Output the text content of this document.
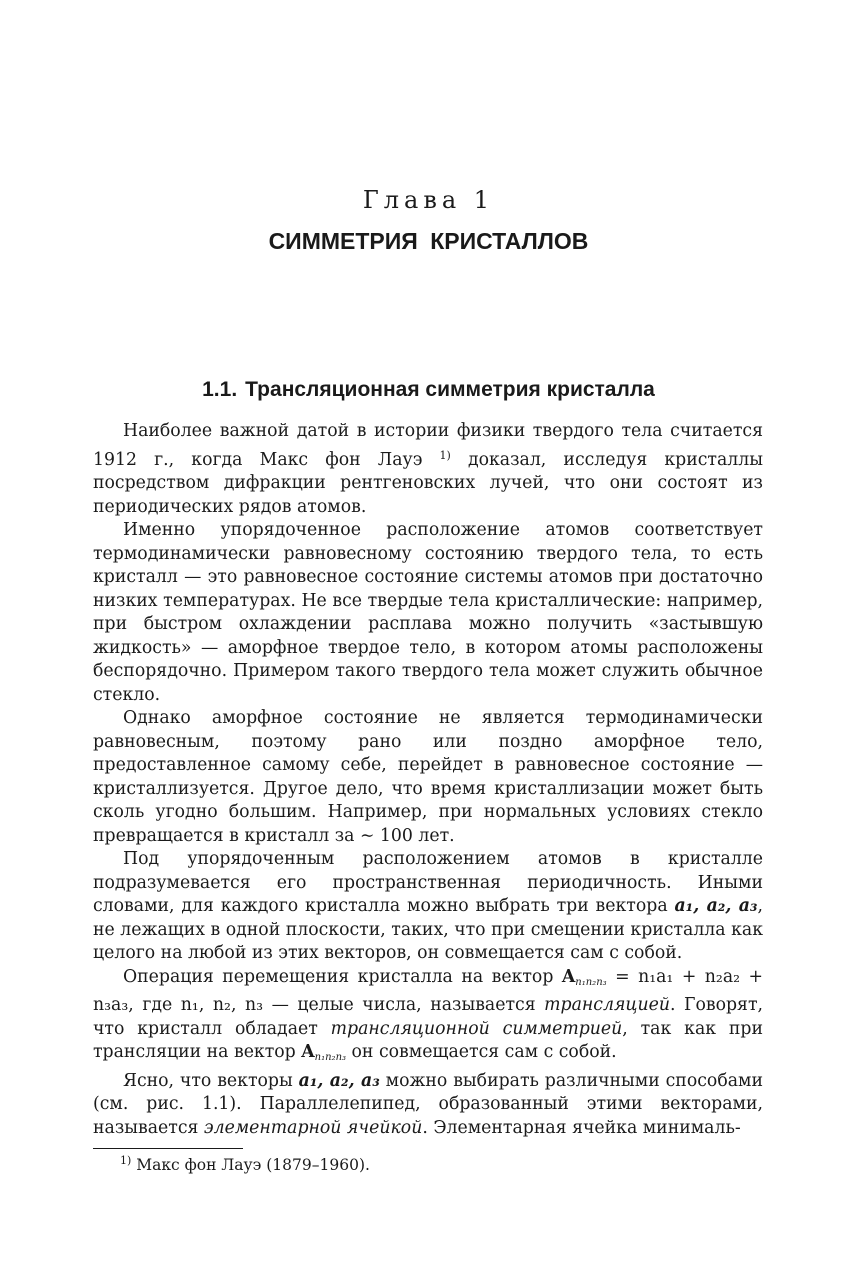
Глава 1
СИММЕТРИЯ КРИСТАЛЛОВ
1.1. Трансляционная симметрия кристалла

Наиболее важной датой в истории физики твердого тела считается 1912 г., когда Макс фон Лауэ $^{1)}$ доказал, исследуя кристаллы посредством дифракции рентгеновских лучей, что они состоят из периодических рядов атомов.

Именно упорядоченное расположение атомов соответствует термодинамически равновесному состоянию твердого тела, то есть кристалл — это равновесное состояние системы атомов при достаточно низких температурах. Не все твердые тела кристаллические: например, при быстром охлаждении расплава можно получить «застывшую жидкость» — аморфное твердое тело, в котором атомы расположены беспорядочно. Примером такого твердого тела может служить обычное стекло.

Однако аморфное состояние не является термодинамически равновесным, поэтому рано или поздно аморфное тело, предоставленное самому себе, перейдет в равновесное состояние — кристаллизуется. Другое дело, что время кристаллизации может быть сколь угодно большим. Например, при нормальных условиях стекло превращается в кристалл за ∼ 100 лет.

Под упорядоченным расположением атомов в кристалле подразумевается его пространственная периодичность. Иными словами, для каждого кристалла можно выбрать три вектора a₁, a₂, a₃, не лежащих в одной плоскости, таких, что при смещении кристалла как целого на любой из этих векторов, он совмещается сам с собой.

Операция перемещения кристалла на вектор $A_{n_1n_2n_3} = n_1a_1 + n_2a_2 + n_3a_3$, где n₁, n₂, n₃ — целые числа, называется трансляцией. Говорят, что кристалл обладает трансляционной симметрией, так как при трансляции на вектор $A_{n_1n_2n_3}$ он совмещается сам с собой.

Ясно, что векторы a₁, a₂, a₃ можно выбирать различными способами (см. рис. 1.1). Параллелепипед, образованный этими векторами, называется элементарной ячейкой. Элементарная ячейка минималь-

$^{1)}$ Макс фон Лауэ (1879–1960).
